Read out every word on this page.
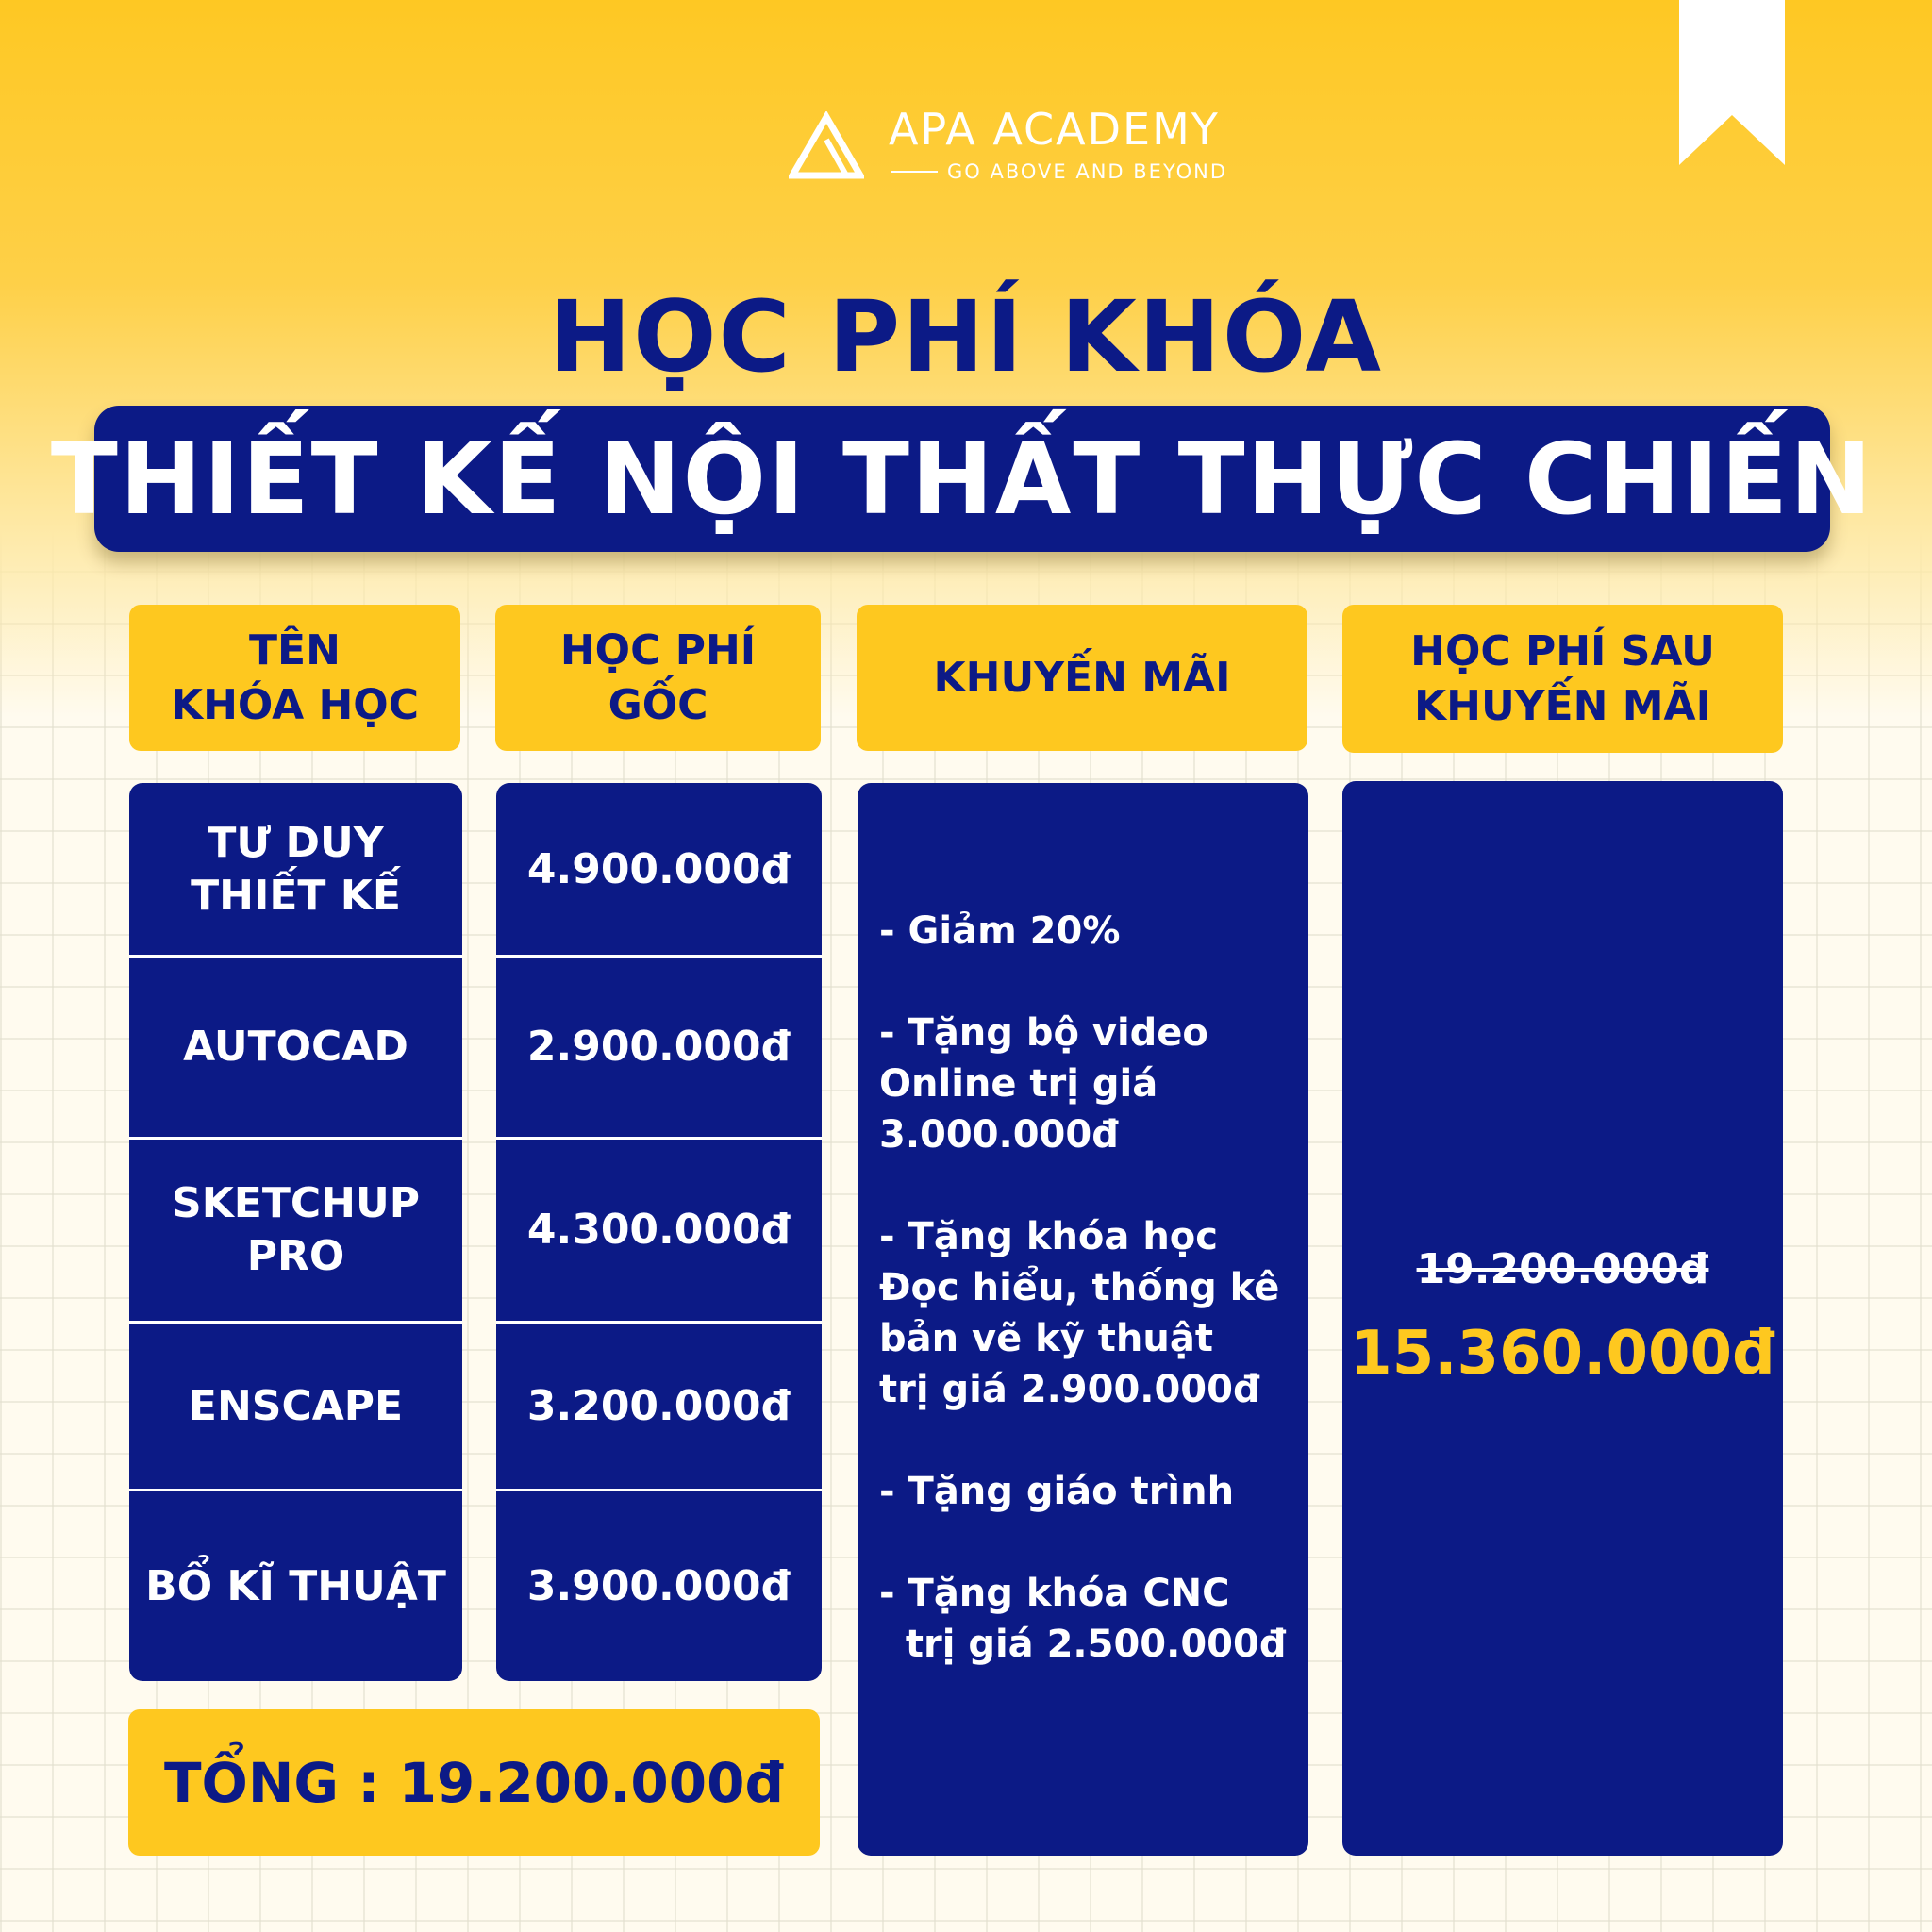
APA ACADEMY
GO ABOVE AND BEYOND
HỌC PHÍ KHÓA
THIẾT KẾ NỘI THẤT THỰC CHIẾN
TÊN
KHÓA HỌC
HỌC PHÍ
GỐC
KHUYẾN MÃI
HỌC PHÍ SAU
KHUYẾN MÃI
TƯ DUY
THIẾT KẾ
AUTOCAD
SKETCHUP
PRO
ENSCAPE
BỔ KĨ THUẬT
4.900.000đ
2.900.000đ
4.300.000đ
3.200.000đ
3.900.000đ
- Giảm 20%
- Tặng bộ video
Online trị giá
3.000.000đ
- Tặng khóa học
Đọc hiểu, thống kê
bản vẽ kỹ thuật
trị giá 2.900.000đ
- Tặng giáo trình
- Tặng khóa CNC
trị giá 2.500.000đ
19.200.000đ
15.360.000đ
TỔNG : 19.200.000đ
